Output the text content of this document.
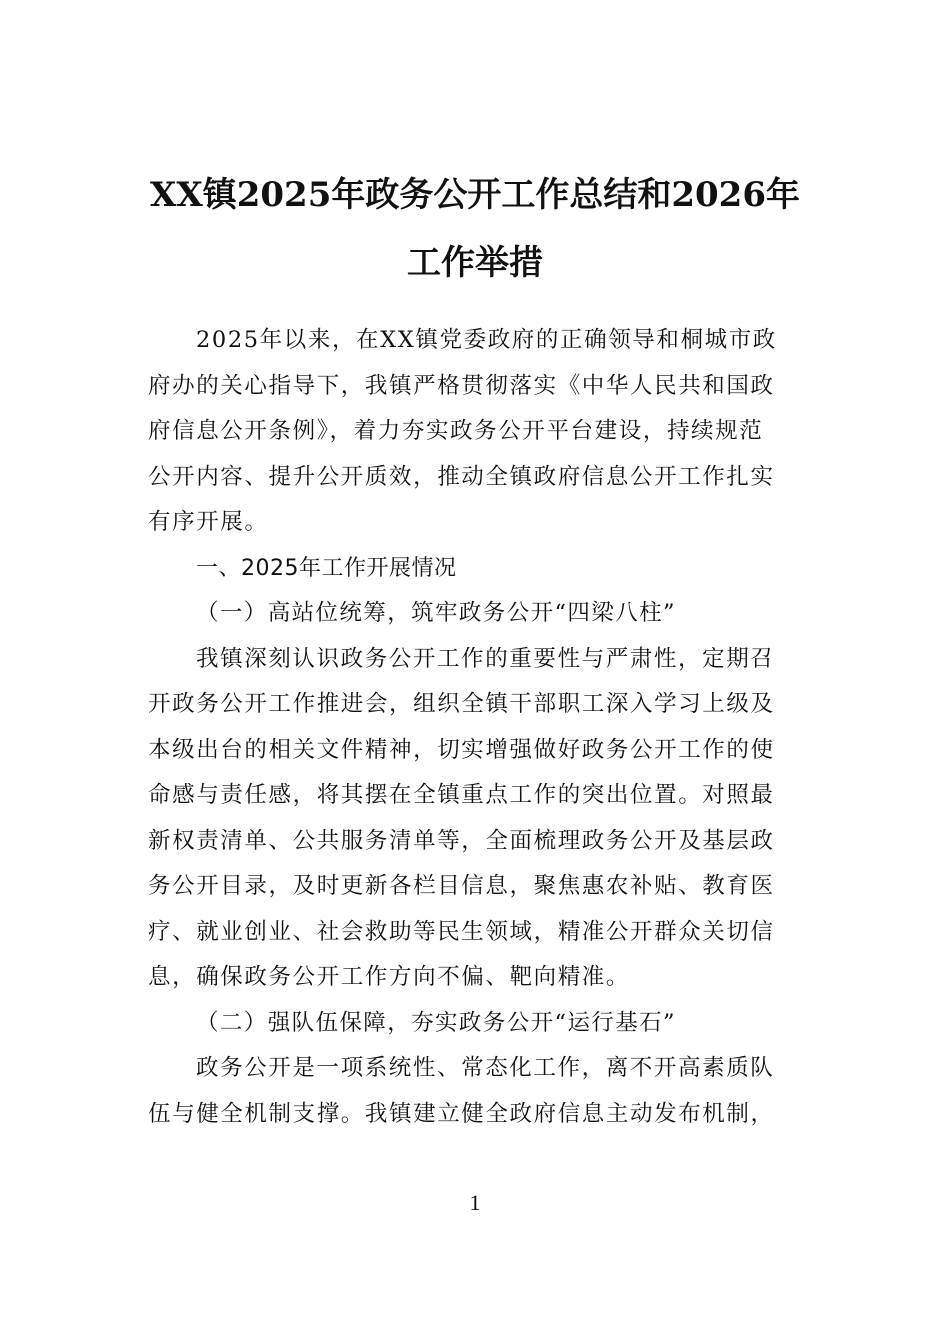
XX镇2025年政务公开工作总结和2026年
工作举措
2025年以来，在XX镇党委政府的正确领导和桐城市政
府办的关心指导下，我镇严格贯彻落实《中华人民共和国政
府信息公开条例》，着力夯实政务公开平台建设，持续规范
公开内容、提升公开质效，推动全镇政府信息公开工作扎实
有序开展。
一、2025年工作开展情况
（一）高站位统筹，筑牢政务公开“四梁八柱”
我镇深刻认识政务公开工作的重要性与严肃性，定期召
开政务公开工作推进会，组织全镇干部职工深入学习上级及
本级出台的相关文件精神，切实增强做好政务公开工作的使
命感与责任感，将其摆在全镇重点工作的突出位置。对照最
新权责清单、公共服务清单等，全面梳理政务公开及基层政
务公开目录，及时更新各栏目信息，聚焦惠农补贴、教育医
疗、就业创业、社会救助等民生领域，精准公开群众关切信
息，确保政务公开工作方向不偏、靶向精准。
（二）强队伍保障，夯实政务公开“运行基石”
政务公开是一项系统性、常态化工作，离不开高素质队
伍与健全机制支撑。我镇建立健全政府信息主动发布机制，
1
